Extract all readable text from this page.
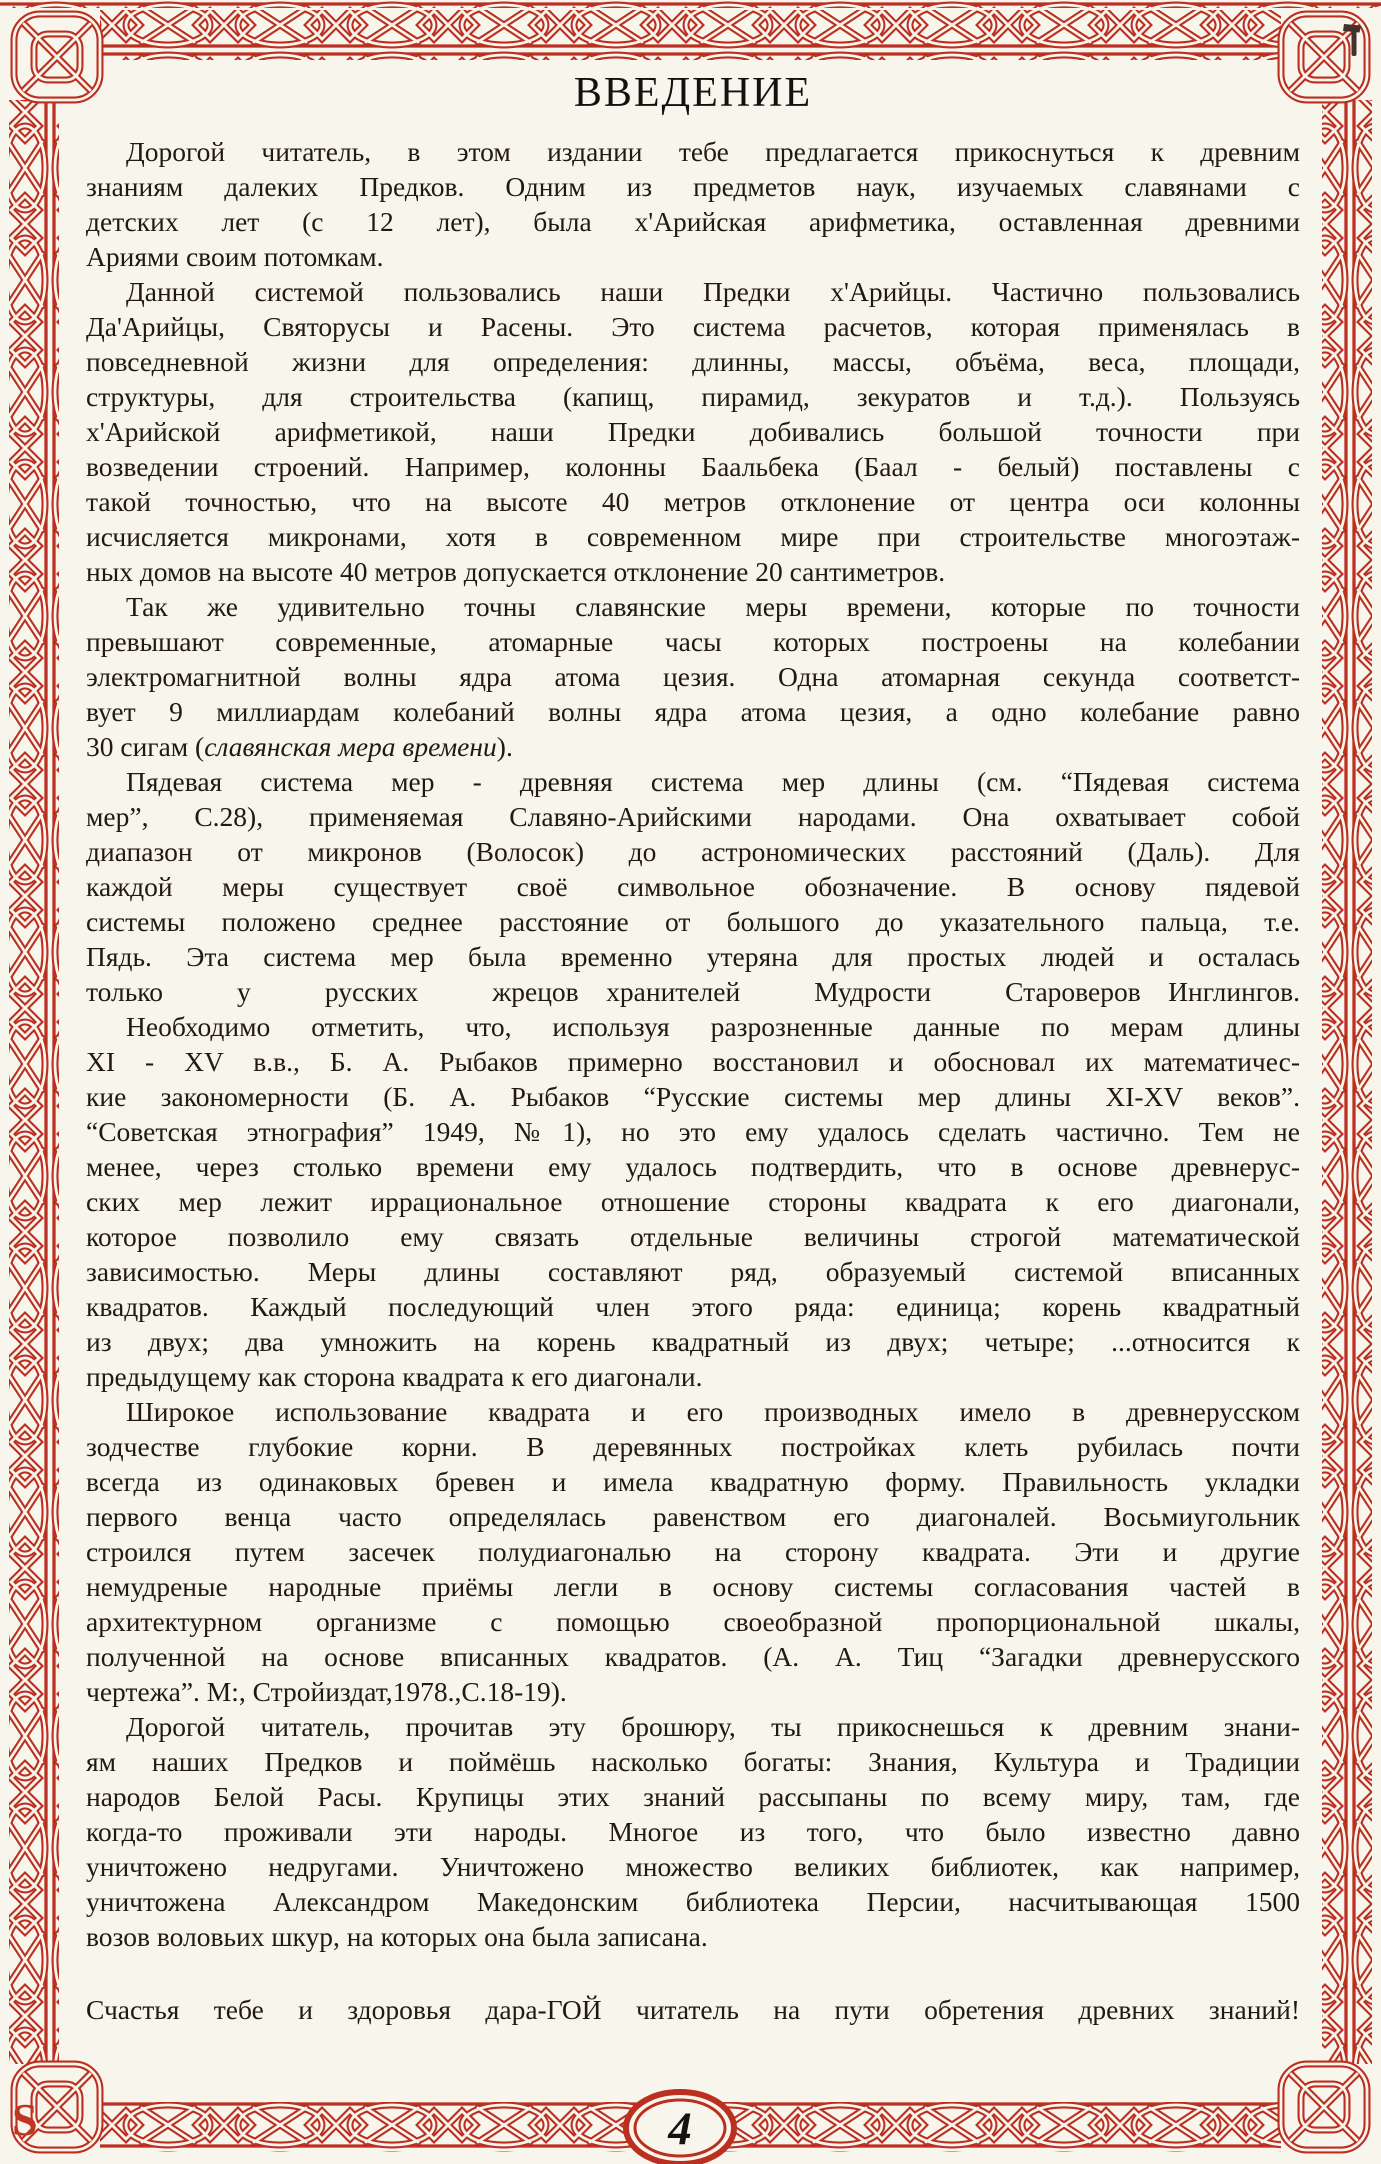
ВВЕДЕНИЕ
Дорогой читатель, в этом издании тебе предлагается прикоснуться к древним
знаниям далеких Предков. Одним из предметов наук, изучаемых славянами с
детских лет (с 12 лет), была х'Арийская арифметика, оставленная древними
Ариями своим потомкам.
Данной системой пользовались наши Предки х'Арийцы. Частично пользовались
Да'Арийцы, Святорусы и Расены. Это система расчетов, которая применялась в
повседневной жизни для определения: длинны, массы, объёма, веса, площади,
структуры, для строительства (капищ, пирамид, зекуратов и т.д.). Пользуясь
х'Арийской арифметикой, наши Предки добивались большой точности при
возведении строений. Например, колонны Баальбека (Баал - белый) поставлены с
такой точностью, что на высоте 40 метров отклонение от центра оси колонны
исчисляется микронами, хотя в современном мире при строительстве многоэтаж-
ных домов на высоте 40 метров допускается отклонение 20 сантиметров.
Так же удивительно точны славянские меры времени, которые по точности
превышают современные, атомарные часы которых построены на колебании
электромагнитной волны ядра атома цезия. Одна атомарная секунда соответст-
вует 9 миллиардам колебаний волны ядра атома цезия, а одно колебание равно
30 сигам (славянская мера времени).
Пядевая система мер - древняя система мер длины (см. “Пядевая система
мер”, С.28), применяемая Славяно-Арийскими народами. Она охватывает собой
диапазон от микронов (Волосок) до астрономических расстояний (Даль). Для
каждой меры существует своё символьное обозначение. В основу пядевой
системы положено среднее расстояние от большого до указательного пальца, т.е.
Пядь. Эта система мер была временно утеряна для простых людей и осталась
только у русских жрецов хранителей Мудрости Староверов Инглингов.
Необходимо отметить, что, используя разрозненные данные по мерам длины
XI - XV в.в., Б. А. Рыбаков примерно восстановил и обосновал их математичес-
кие закономерности (Б. А. Рыбаков “Русские системы мер длины XI-XV веков”.
“Советская этнография” 1949, №1), но это ему удалось сделать частично. Тем не
менее, через столько времени ему удалось подтвердить, что в основе древнерус-
ских мер лежит иррациональное отношение стороны квадрата к его диагонали,
которое позволило ему связать отдельные величины строгой математической
зависимостью. Меры длины составляют ряд, образуемый системой вписанных
квадратов. Каждый последующий член этого ряда: единица; корень квадратный
из двух; два умножить на корень квадратный из двух; четыре; ...относится к
предыдущему как сторона квадрата к его диагонали.
Широкое использование квадрата и его производных имело в древнерусском
зодчестве глубокие корни. В деревянных постройках клеть рубилась почти
всегда из одинаковых бревен и имела квадратную форму. Правильность укладки
первого венца часто определялась равенством его диагоналей. Восьмиугольник
строился путем засечек полудиагональю на сторону квадрата. Эти и другие
немудреные народные приёмы легли в основу системы согласования частей в
архитектурном организме с помощью своеобразной пропорциональной шкалы,
полученной на основе вписанных квадратов. (А. А. Тиц “Загадки древнерусского
чертежа”. М:, Стройиздат,1978.,С.18-19).
Дорогой читатель, прочитав эту брошюру, ты прикоснешься к древним знани-
ям наших Предков и поймёшь насколько богаты: Знания, Культура и Традиции
народов Белой Расы. Крупицы этих знаний рассыпаны по всему миру, там, где
когда-то проживали эти народы. Многое из того, что было известно давно
уничтожено недругами. Уничтожено множество великих библиотек, как например,
уничтожена Александром Македонским библиотека Персии, насчитывающая 1500
возов воловьих шкур, на которых она была записана.
Счастья тебе и здоровья дара-ГОЙ читатель на пути обретения древних знаний!
4
S
